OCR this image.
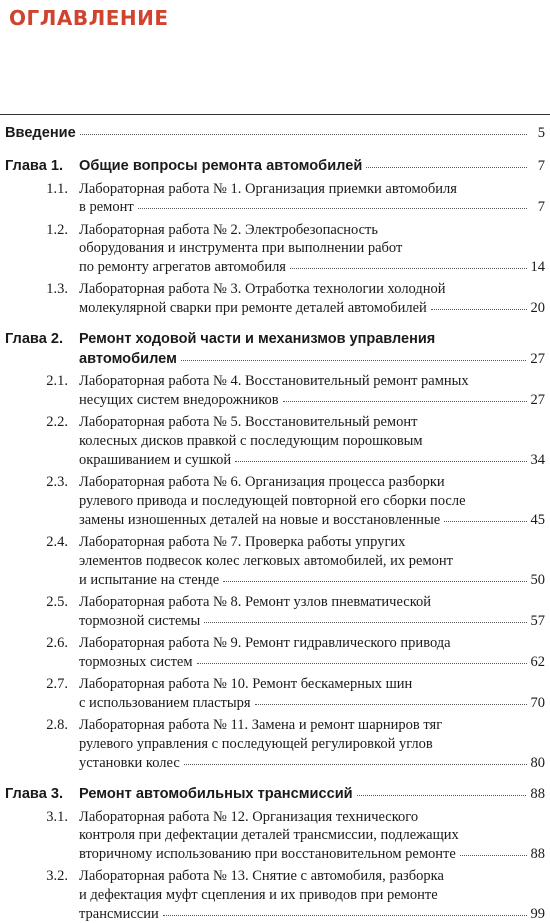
ОГЛАВЛЕНИЕ
Введение	5
Глава 1. Общие вопросы ремонта автомобилей	7
1.1. Лабораторная работа № 1. Организация приемки автомобиля
в ремонт	7
1.2. Лабораторная работа № 2. Электробезопасность
оборудования и инструмента при выполнении работ
по ремонту агрегатов автомобиля	14
1.3. Лабораторная работа № 3. Отработка технологии холодной
молекулярной сварки при ремонте деталей автомобилей	20
Глава 2. Ремонт ходовой части и механизмов управления
автомобилем	27
2.1. Лабораторная работа № 4. Восстановительный ремонт рамных
несущих систем внедорожников	27
2.2. Лабораторная работа № 5. Восстановительный ремонт
колесных дисков правкой с последующим порошковым
окрашиванием и сушкой	34
2.3. Лабораторная работа № 6. Организация процесса разборки
рулевого привода и последующей повторной его сборки после
замены изношенных деталей на новые и восстановленные	45
2.4. Лабораторная работа № 7. Проверка работы упругих
элементов подвесок колес легковых автомобилей, их ремонт
и испытание на стенде	50
2.5. Лабораторная работа № 8. Ремонт узлов пневматической
тормозной системы	57
2.6. Лабораторная работа № 9. Ремонт гидравлического привода
тормозных систем	62
2.7. Лабораторная работа № 10. Ремонт бескамерных шин
с использованием пластыря	70
2.8. Лабораторная работа № 11. Замена и ремонт шарниров тяг
рулевого управления с последующей регулировкой углов
установки колес	80
Глава 3. Ремонт автомобильных трансмиссий	88
3.1. Лабораторная работа № 12. Организация технического
контроля при дефектации деталей трансмиссии, подлежащих
вторичному использованию при восстановительном ремонте	88
3.2. Лабораторная работа № 13. Снятие с автомобиля, разборка
и дефектация муфт сцепления и их приводов при ремонте
трансмиссии	99
